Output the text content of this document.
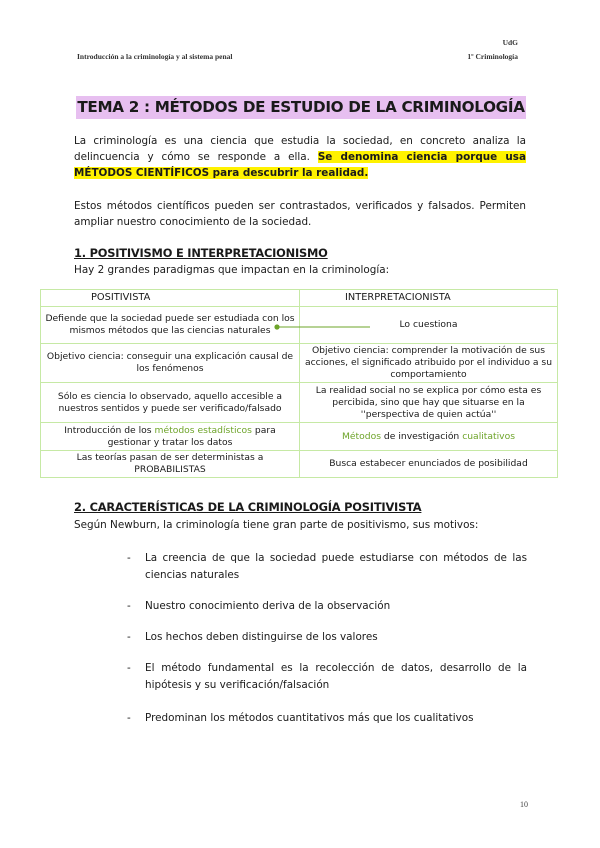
UdG
Introducción a la criminología y al sistema penal	1º Criminología
TEMA 2 : MÉTODOS DE ESTUDIO DE LA CRIMINOLOGÍA
La criminología es una ciencia que estudia la sociedad, en concreto analiza la delincuencia y cómo se responde a ella. Se denomina ciencia porque usa MÉTODOS CIENTÍFICOS para descubrir la realidad.
Estos métodos científicos pueden ser contrastados, verificados y falsados. Permiten ampliar nuestro conocimiento de la sociedad.
1. POSITIVISMO E INTERPRETACIONISMO
Hay 2 grandes paradigmas que impactan en la criminología:
POSITIVISTA	INTERPRETACIONISTA
Defiende que la sociedad puede ser estudiada con los mismos métodos que las ciencias naturales	Lo cuestiona
Objetivo ciencia: conseguir una explicación causal de los fenómenos	Objetivo ciencia: comprender la motivación de sus acciones, el significado atribuido por el individuo a su comportamiento
Sólo es ciencia lo observado, aquello accesible a nuestros sentidos y puede ser verificado/falsado	La realidad social no se explica por cómo esta es percibida, sino que hay que situarse en la ''perspectiva de quien actúa''
Introducción de los métodos estadísticos para gestionar y tratar los datos	Métodos de investigación cualitativos
Las teorías pasan de ser deterministas a PROBABILISTAS	Busca estabecer enunciados de posibilidad
2. CARACTERÍSTICAS DE LA CRIMINOLOGÍA POSITIVISTA
Según Newburn, la criminología tiene gran parte de positivismo, sus motivos:
- La creencia de que la sociedad puede estudiarse con métodos de las ciencias naturales
- Nuestro conocimiento deriva de la observación
- Los hechos deben distinguirse de los valores
- El método fundamental es la recolección de datos, desarrollo de la hipótesis y su verificación/falsación
- Predominan los métodos cuantitativos más que los cualitativos
10
